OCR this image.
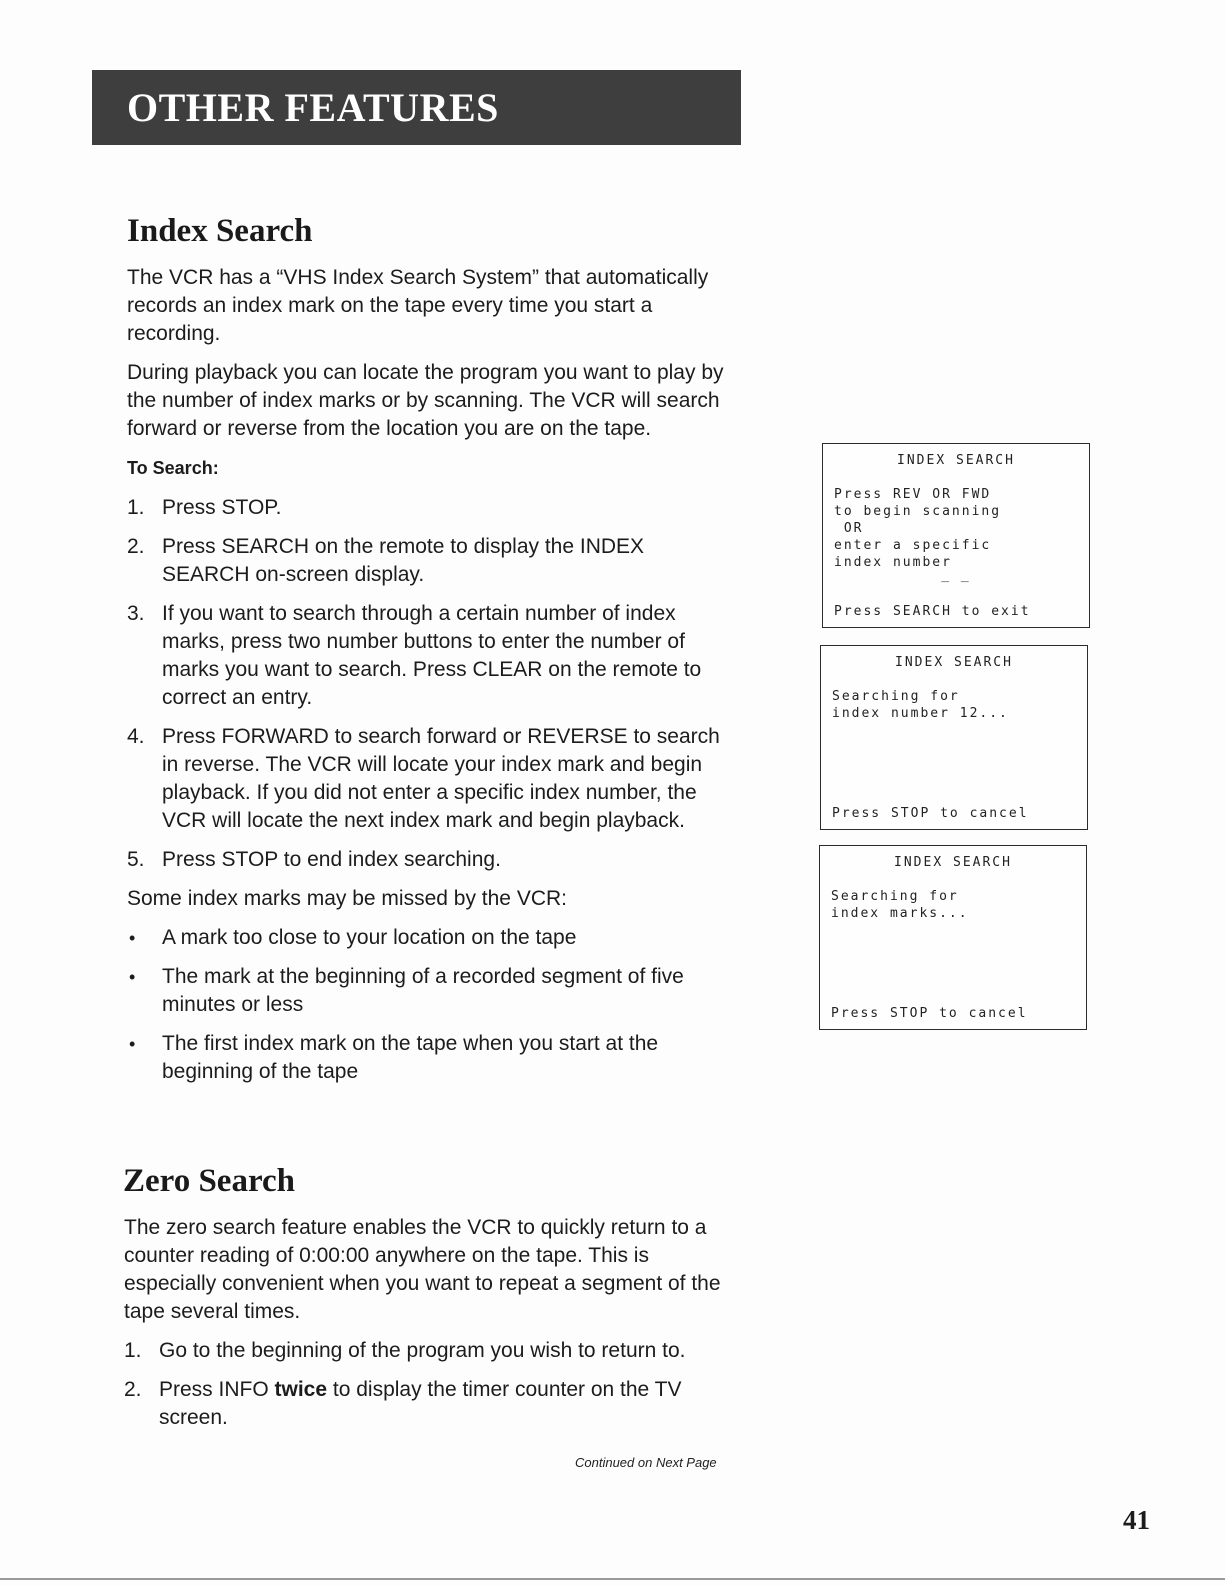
OTHER FEATURES
Index Search

The VCR has a “VHS Index Search System” that automatically records an index mark on the tape every time you start a recording.

During playback you can locate the program you want to play by the number of index marks or by scanning. The VCR will search forward or reverse from the location you are on the tape.

To Search:
1. Press STOP.
2. Press SEARCH on the remote to display the INDEX SEARCH on-screen display.
3. If you want to search through a certain number of index marks, press two number buttons to enter the number of marks you want to search. Press CLEAR on the remote to correct an entry.
4. Press FORWARD to search forward or REVERSE to search in reverse. The VCR will locate your index mark and begin playback. If you did not enter a specific index number, the VCR will locate the next index mark and begin playback.
5. Press STOP to end index searching.

Some index marks may be missed by the VCR:

• A mark too close to your location on the tape
• The mark at the beginning of a recorded segment of five minutes or less
• The first index mark on the tape when you start at the beginning of the tape
Zero Search

The zero search feature enables the VCR to quickly return to a counter reading of 0:00:00 anywhere on the tape. This is especially convenient when you want to repeat a segment of the tape several times.

1. Go to the beginning of the program you wish to return to.
2. Press INFO twice to display the timer counter on the TV screen.
INDEX SEARCH
Press REV OR FWD
to begin scanning
OR
enter a specific
index number
_ _
Press SEARCH to exit
INDEX SEARCH
Searching for
index number 12...
Press STOP to cancel
INDEX SEARCH
Searching for
index marks...
Press STOP to cancel
Continued on Next Page
41
